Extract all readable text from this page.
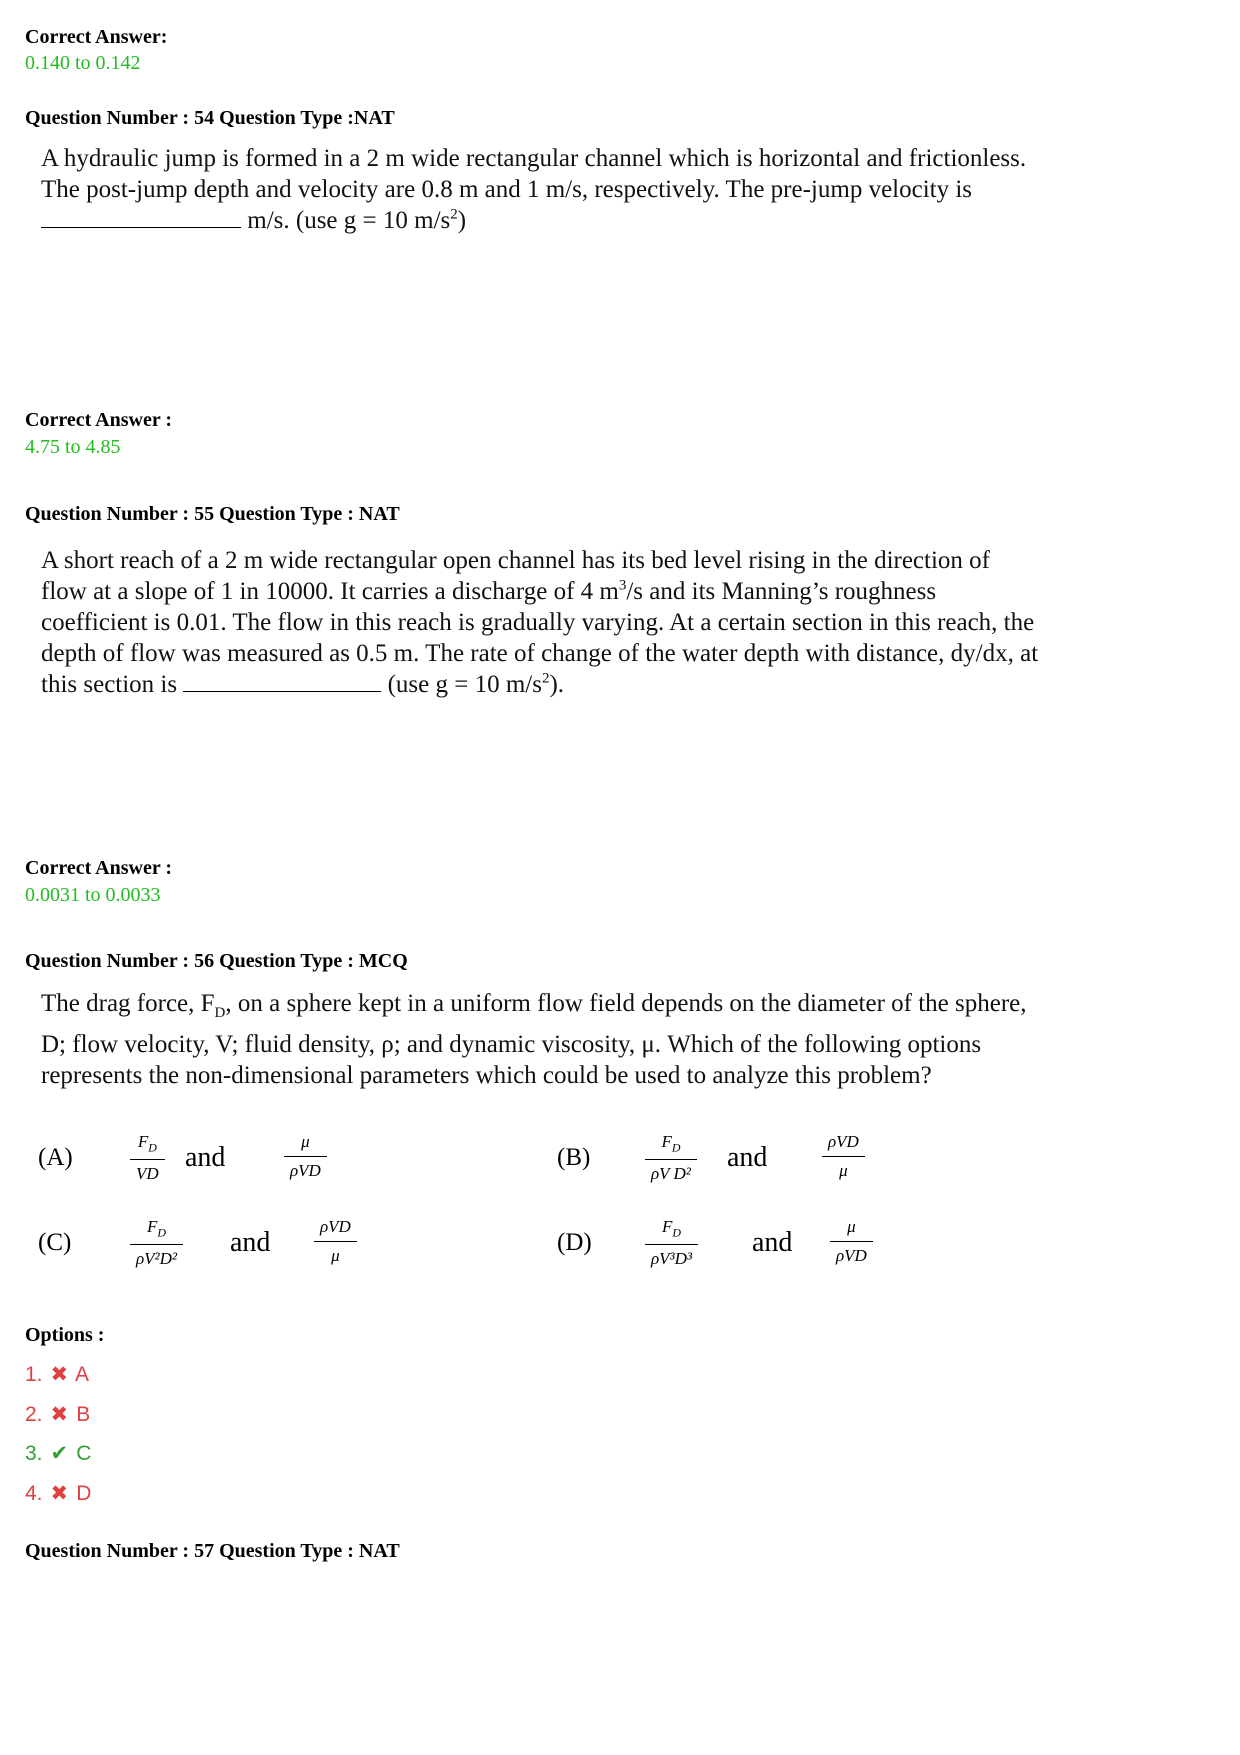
Correct Answer:
0.140 to 0.142
Question Number : 54 Question Type :NAT
A hydraulic jump is formed in a 2 m wide rectangular channel which is horizontal and frictionless.
The post-jump depth and velocity are 0.8 m and 1 m/s, respectively. The pre-jump velocity is
m/s. (use g = 10 $m/s^2$)
Correct Answer :
4.75 to 4.85
Question Number : 55 Question Type : NAT
A short reach of a 2 m wide rectangular open channel has its bed level rising in the direction of
flow at a slope of 1 in 10000. It carries a discharge of 4 $m^3/s$ and its Manning’s roughness
coefficient is 0.01. The flow in this reach is gradually varying. At a certain section in this reach, the
depth of flow was measured as 0.5 m. The rate of change of the water depth with distance, dy/dx, at
this section is	(use g = 10 $m/s^2$).
Correct Answer :
0.0031 to 0.0033
Question Number : 56 Question Type : MCQ
The drag force, $F_D$, on a sphere kept in a uniform flow field depends on the diameter of the sphere,
D; flow velocity, V; fluid density, ρ; and dynamic viscosity, μ. Which of the following options
represents the non-dimensional parameters which could be used to analyze this problem?
(A)	$\frac{F_D}{VD}$ and
μ
ρVD	(B)	$\frac{F_D}{\text{ρV D²}}$ and
ρVD
μ
(C)	$\frac{F_D}{\text{ρV²D²}}$ and
ρVD
μ	(D)	$\frac{F_D}{\text{ρV³D³}}$ and
μ
ρVD
Options :
1. ✖ A
2. ✖ B
3. ✔ C
4. ✖ D
Question Number : 57 Question Type : NAT
